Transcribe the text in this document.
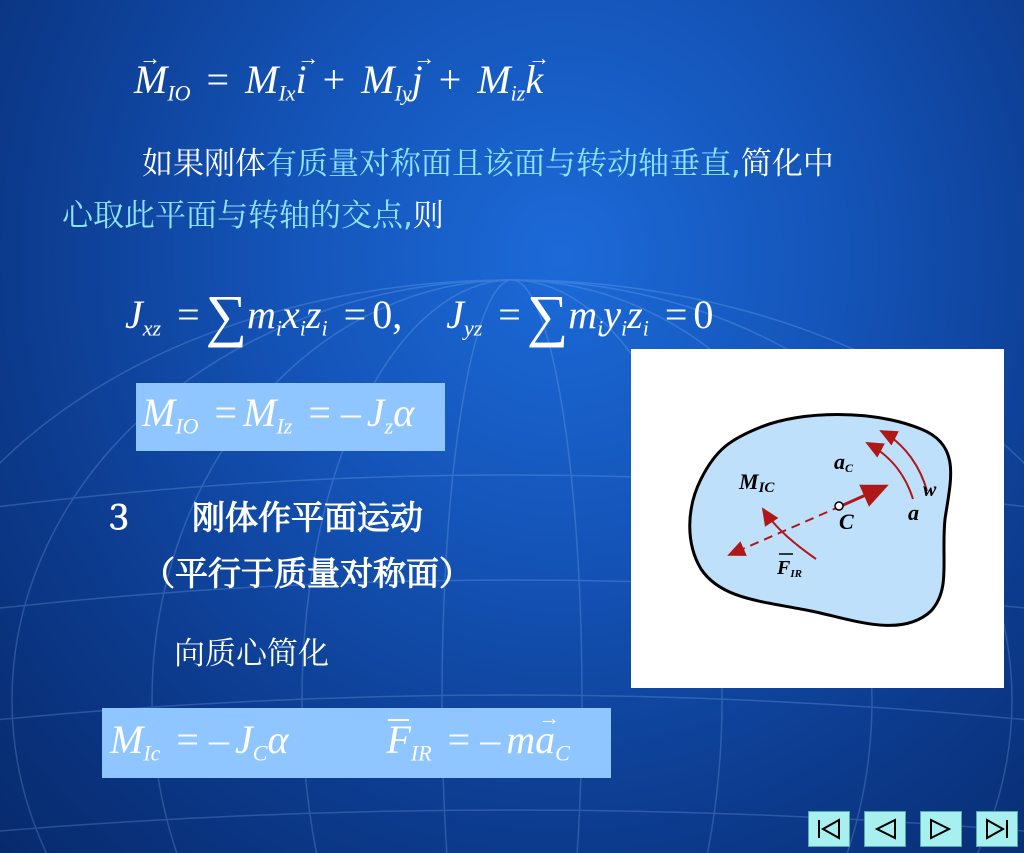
→ $M_{IO} = M_{Ix}\to i + M_{Iy}\to j + M_{iz}\to k$
如果刚体有质量对称面且该面与转动轴垂直,简化中
心取此平面与转轴的交点,则
$J_{xz} = \sum m_ix_iz_i = 0$, $J_{yz} = \sum m_iy_iz_i = 0$
$M_{IO} = M_{Iz}$ = – $J_z\alpha$
３ 刚体作平面运动
（平行于质量对称面）
向质心简化
$M_{Ic}$ = – $J_C\alpha$ $F_{IR}$ = – $m\to a_C$
MIC
aC
w
a
C
FIR
